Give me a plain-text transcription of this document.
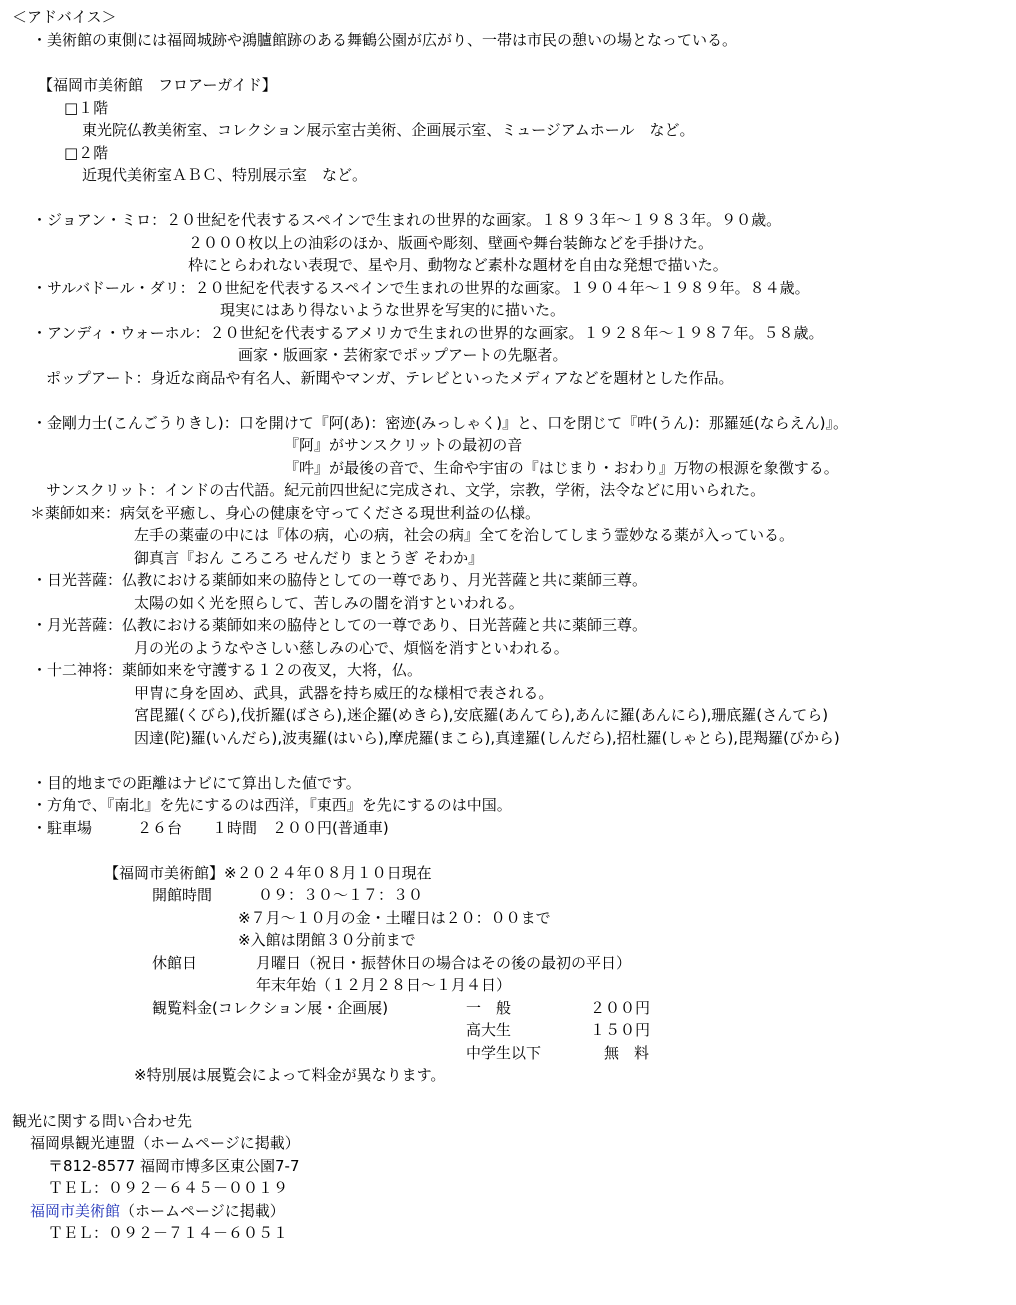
＜アドバイス＞
・美術館の東側には福岡城跡や鴻臚館跡のある舞鶴公園が広がり、一帯は市民の憩いの場となっている。
【福岡市美術館　フロアーガイド】
□１階
東光院仏教美術室、コレクション展示室古美術、企画展示室、ミュージアムホール　など。
□２階
近現代美術室ＡＢＣ、特別展示室　など。
・ジョアン・ミロ：２０世紀を代表するスペインで生まれの世界的な画家。１８９３年～１９８３年。９０歳。
２０００枚以上の油彩のほか、版画や彫刻、壁画や舞台装飾などを手掛けた。
枠にとらわれない表現で、星や月、動物など素朴な題材を自由な発想で描いた。
・サルバドール・ダリ：２０世紀を代表するスペインで生まれの世界的な画家。１９０４年～１９８９年。８４歳。
現実にはあり得ないような世界を写実的に描いた。
・アンディ・ウォーホル：２０世紀を代表するアメリカで生まれの世界的な画家。１９２８年～１９８７年。５８歳。
画家・版画家・芸術家でポップアートの先駆者。
ポップアート：身近な商品や有名人、新聞やマンガ、テレビといったメディアなどを題材とした作品。
・金剛力士(こんごうりきし)：口を開けて『阿(あ)：密迹(みっしゃく)』と、口を閉じて『吽(うん)：那羅延(ならえん)』。
『阿』がサンスクリットの最初の音
『吽』が最後の音で、生命や宇宙の『はじまり・おわり』万物の根源を象徴する。
サンスクリット：インドの古代語。紀元前四世紀に完成され、文学，宗教，学術，法令などに用いられた。
＊薬師如来：病気を平癒し、身心の健康を守ってくださる現世利益の仏様。
左手の薬壷の中には『体の病，心の病，社会の病』全てを治してしまう霊妙なる薬が入っている。
御真言『おん ころころ せんだり まとうぎ そわか』
・日光菩薩：仏教における薬師如来の脇侍としての一尊であり、月光菩薩と共に薬師三尊。
太陽の如く光を照らして、苦しみの闇を消すといわれる。
・月光菩薩：仏教における薬師如来の脇侍としての一尊であり、日光菩薩と共に薬師三尊。
月の光のようなやさしい慈しみの心で、煩悩を消すといわれる。
・十二神将：薬師如来を守護する１２の夜叉，大将，仏。
甲冑に身を固め、武具，武器を持ち威圧的な様相で表される。
宮毘羅(くびら),伐折羅(ばさら),迷企羅(めきら),安底羅(あんてら),あんに羅(あんにら),珊底羅(さんてら)
因達(陀)羅(いんだら),波夷羅(はいら),摩虎羅(まこら),真達羅(しんだら),招杜羅(しゃとら),毘羯羅(びから)
・目的地までの距離はナビにて算出した値です。
・方角で、『南北』を先にするのは西洋，『東西』を先にするのは中国。
・駐車場　　　２６台　　１時間　２００円(普通車)
【福岡市美術館】※２０２４年０８月１０日現在
開館時間	０９：３０～１７：３０
※７月～１０月の金・土曜日は２０：００まで
※入館は閉館３０分前まで
休館日	月曜日（祝日・振替休日の場合はその後の最初の平日）
年末年始（１２月２８日～１月４日）
観覧料金(コレクション展・企画展)	一　般	２００円
高大生	１５０円
中学生以下	無　料
※特別展は展覧会によって料金が異なります。
観光に関する問い合わせ先
福岡県観光連盟（ホームページに掲載）
〒812-8577 福岡市博多区東公園7-7
ＴＥＬ：０９２－６４５－００１９
福岡市美術館（ホームページに掲載）
ＴＥＬ：０９２－７１４－６０５１
